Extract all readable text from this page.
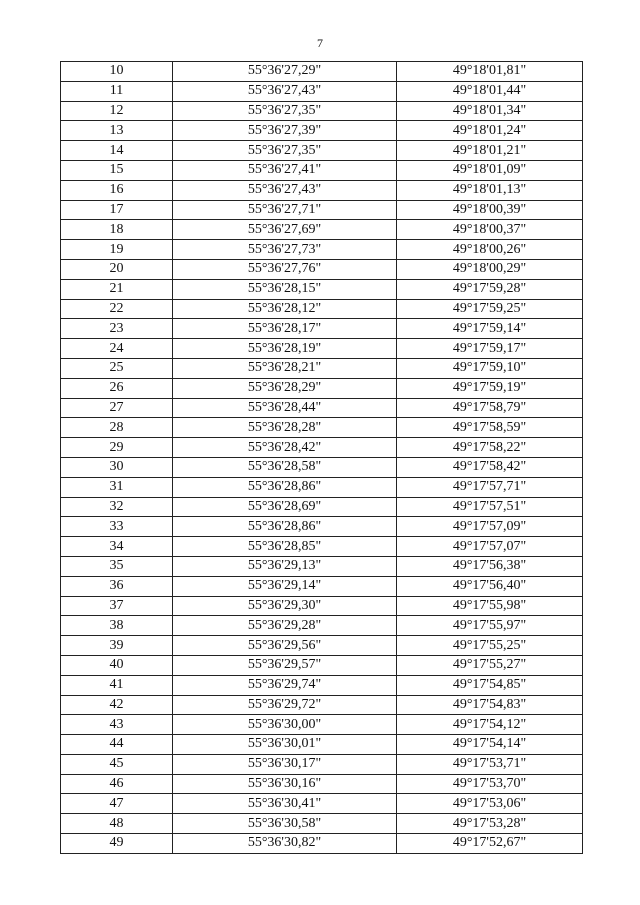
7
10	55°36'27,29"	49°18'01,81"
11	55°36'27,43"	49°18'01,44"
12	55°36'27,35"	49°18'01,34"
13	55°36'27,39"	49°18'01,24"
14	55°36'27,35"	49°18'01,21"
15	55°36'27,41"	49°18'01,09"
16	55°36'27,43"	49°18'01,13"
17	55°36'27,71"	49°18'00,39"
18	55°36'27,69"	49°18'00,37"
19	55°36'27,73"	49°18'00,26"
20	55°36'27,76"	49°18'00,29"
21	55°36'28,15"	49°17'59,28"
22	55°36'28,12"	49°17'59,25"
23	55°36'28,17"	49°17'59,14"
24	55°36'28,19"	49°17'59,17"
25	55°36'28,21"	49°17'59,10"
26	55°36'28,29"	49°17'59,19"
27	55°36'28,44"	49°17'58,79"
28	55°36'28,28"	49°17'58,59"
29	55°36'28,42"	49°17'58,22"
30	55°36'28,58"	49°17'58,42"
31	55°36'28,86"	49°17'57,71"
32	55°36'28,69"	49°17'57,51"
33	55°36'28,86"	49°17'57,09"
34	55°36'28,85"	49°17'57,07"
35	55°36'29,13"	49°17'56,38"
36	55°36'29,14"	49°17'56,40"
37	55°36'29,30"	49°17'55,98"
38	55°36'29,28"	49°17'55,97"
39	55°36'29,56"	49°17'55,25"
40	55°36'29,57"	49°17'55,27"
41	55°36'29,74"	49°17'54,85"
42	55°36'29,72"	49°17'54,83"
43	55°36'30,00"	49°17'54,12"
44	55°36'30,01"	49°17'54,14"
45	55°36'30,17"	49°17'53,71"
46	55°36'30,16"	49°17'53,70"
47	55°36'30,41"	49°17'53,06"
48	55°36'30,58"	49°17'53,28"
49	55°36'30,82"	49°17'52,67"
